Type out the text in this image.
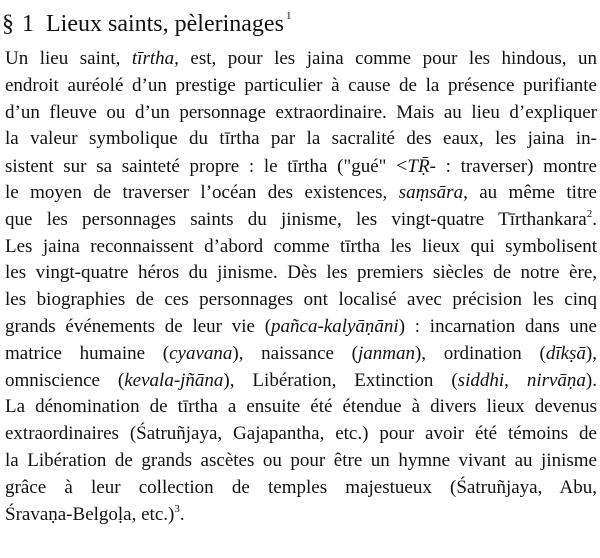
§ 1 Lieux saints, pèlerinages $^1$
Un lieu saint, tīrtha, est, pour les jaina comme pour les hindous, un
endroit auréolé d’un prestige particulier à cause de la présence purifiante
d’un fleuve ou d’un personnage extraordinaire. Mais au lieu d’expliquer
la valeur symbolique du tīrtha par la sacralité des eaux, les jaina in-
sistent sur sa sainteté propre : le tīrtha ("gué" <TṜ- : traverser) montre
le moyen de traverser l’océan des existences, saṃsāra, au même titre
que les personnages saints du jinisme, les vingt-quatre Tīrthankara$^2$.
Les jaina reconnaissent d’abord comme tīrtha les lieux qui symbolisent
les vingt-quatre héros du jinisme. Dès les premiers siècles de notre ère,
les biographies de ces personnages ont localisé avec précision les cinq
grands événements de leur vie (pañca-kalyāṇāni) : incarnation dans une
matrice humaine (cyavana), naissance (janman), ordination (dīkṣā),
omniscience (kevala-jñāna), Libération, Extinction (siddhi, nirvāṇa).
La dénomination de tīrtha a ensuite été étendue à divers lieux devenus
extraordinaires (Śatruñjaya, Gajapantha, etc.) pour avoir été témoins de
la Libération de grands ascètes ou pour être un hymne vivant au jinisme
grâce à leur collection de temples majestueux (Śatruñjaya, Abu,
Śravaṇa-Belgoḷa, etc.)$^3$.
